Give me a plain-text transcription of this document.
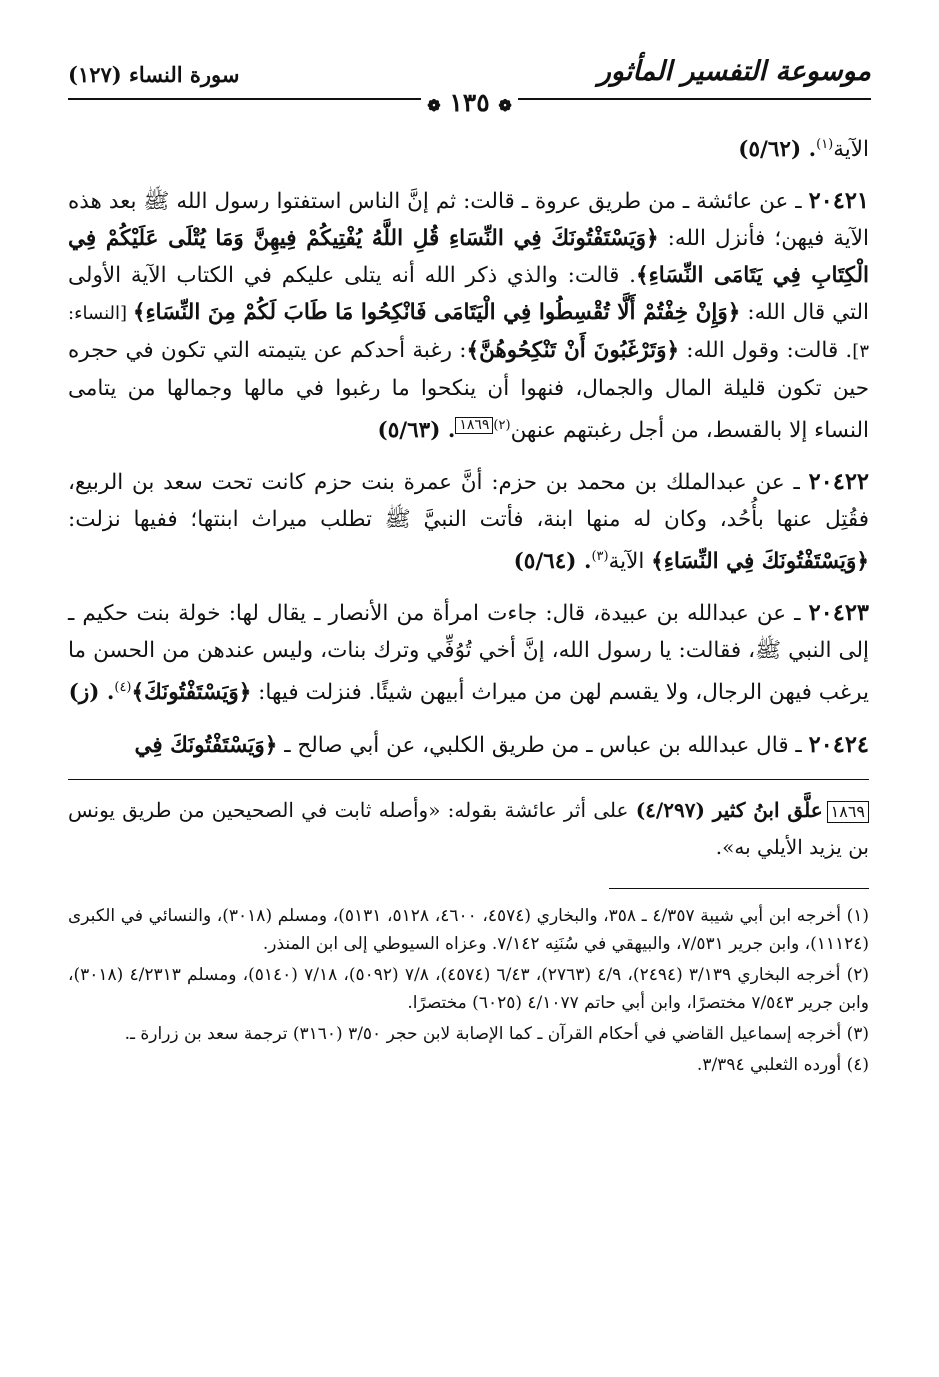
موسوعة التفسير المأثور
سورة النساء (١٢٧)
❁ ١٣٥ ❁

الآية$^{(١)}$. (٥/٦٢)

٢٠٤٢١ ـ عن عائشة ـ من طريق عروة ـ قالت: ثم إنَّ الناس استفتوا رسول الله ﷺ بعد هذه الآية فيهن؛ فأنزل الله: ﴿وَيَسْتَفْتُونَكَ فِي النِّسَاءِ قُلِ اللَّهُ يُفْتِيكُمْ فِيهِنَّ وَمَا يُتْلَى عَلَيْكُمْ فِي الْكِتَابِ فِي يَتَامَى النِّسَاءِ﴾. قالت: والذي ذكر الله أنه يتلى عليكم في الكتاب الآية الأولى التي قال الله: ﴿وَإِنْ خِفْتُمْ أَلَّا تُقْسِطُوا فِي الْيَتَامَى فَانْكِحُوا مَا طَابَ لَكُمْ مِنَ النِّسَاءِ﴾ [النساء: ٣]. قالت: وقول الله: ﴿وَتَرْغَبُونَ أَنْ تَنْكِحُوهُنَّ﴾: رغبة أحدكم عن يتيمته التي تكون في حجره حين تكون قليلة المال والجمال، فنهوا أن ينكحوا ما رغبوا في مالها وجمالها من يتامى النساء إلا بالقسط، من أجل رغبتهم عنهن$^{(٢)}$١٨٦٩. (٥/٦٣)

٢٠٤٢٢ ـ عن عبدالملك بن محمد بن حزم: أنَّ عمرة بنت حزم كانت تحت سعد بن الربيع، فقُتِل عنها بأُحُد، وكان له منها ابنة، فأتت النبيَّ ﷺ تطلب ميراث ابنتها؛ ففيها نزلت: ﴿وَيَسْتَفْتُونَكَ فِي النِّسَاءِ﴾ الآية$^{(٣)}$. (٥/٦٤)

٢٠٤٢٣ ـ عن عبدالله بن عبيدة، قال: جاءت امرأة من الأنصار ـ يقال لها: خولة بنت حكيم ـ إلى النبي ﷺ، فقالت: يا رسول الله، إنَّ أخي تُوُفِّي وترك بنات، وليس عندهن من الحسن ما يرغب فيهن الرجال، ولا يقسم لهن من ميراث أبيهن شيئًا. فنزلت فيها: ﴿وَيَسْتَفْتُونَكَ﴾$^{(٤)}$. (ز)

٢٠٤٢٤ ـ قال عبدالله بن عباس ـ من طريق الكلبي، عن أبي صالح ـ ﴿وَيَسْتَفْتُونَكَ فِي

١٨٦٩علَّق ابنُ كثير (٤/٢٩٧) على أثر عائشة بقوله: «وأصله ثابت في الصحيحين من طريق يونس بن يزيد الأيلي به».
(١) أخرجه ابن أبي شيبة ٤/٣٥٧ ـ ٣٥٨، والبخاري (٤٥٧٤، ٤٦٠٠، ٥١٢٨، ٥١٣١)، ومسلم (٣٠١٨)، والنسائي في الكبرى (١١١٢٤)، وابن جرير ٧/٥٣١، والبيهقي في سُنَنِه ٧/١٤٢. وعزاه السيوطي إلى ابن المنذر.
(٢) أخرجه البخاري ٣/١٣٩ (٢٤٩٤)، ٤/٩ (٢٧٦٣)، ٦/٤٣ (٤٥٧٤)، ٧/٨ (٥٠٩٢)، ٧/١٨ (٥١٤٠)، ومسلم ٤/٢٣١٣ (٣٠١٨)، وابن جرير ٧/٥٤٣ مختصرًا، وابن أبي حاتم ٤/١٠٧٧ (٦٠٢٥) مختصرًا.
(٣) أخرجه إسماعيل القاضي في أحكام القرآن ـ كما الإصابة لابن حجر ٣/٥٠ (٣١٦٠) ترجمة سعد بن زرارة ـ.
(٤) أورده الثعلبي ٣/٣٩٤.
